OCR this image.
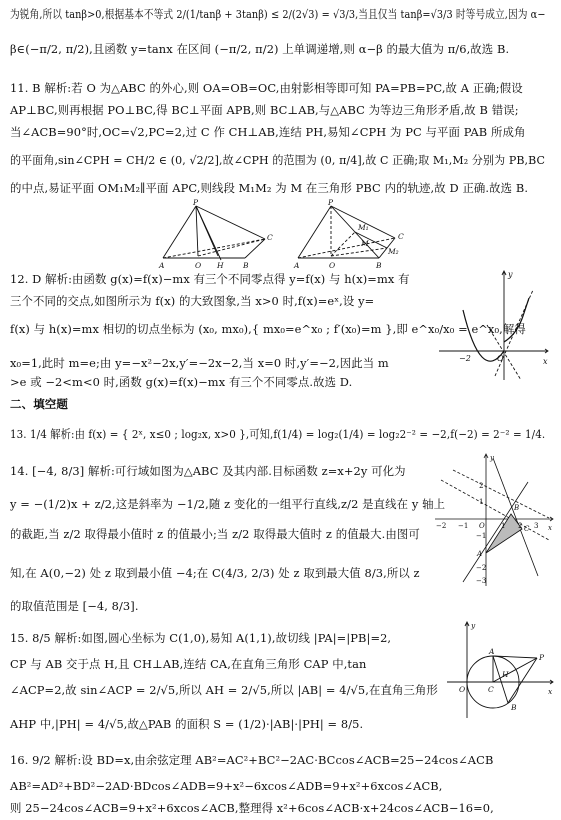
为锐角,所以 tanβ>0,根据基本不等式 2/(1/tanβ + 3tanβ) ≤ 2/(2√3) = √3/3,当且仅当 tanβ=√3/3 时等号成立,因为 α−
β∈(−π/2, π/2),且函数 y=tanx 在区间 (−π/2, π/2) 上单调递增,则 α−β 的最大值为 π/6,故选 B.
11. B 解析:若 O 为△ABC 的外心,则 OA=OB=OC,由射影相等即可知 PA=PB=PC,故 A 正确;假设
AP⊥BC,则再根据 PO⊥BC,得 BC⊥平面 APB,则 BC⊥AB,与△ABC 为等边三角形矛盾,故 B 错误;
当∠ACB=90°时,OC=√2,PC=2,过 C 作 CH⊥AB,连结 PH,易知∠CPH 为 PC 与平面 PAB 所成角
的平面角,sin∠CPH = CH/2 ∈ (0, √2/2],故∠CPH 的范围为 (0, π/4],故 C 正确;取 M₁,M₂ 分别为 PB,BC
的中点,易证平面 OM₁M₂∥平面 APC,则线段 M₁M₂ 为 M 在三角形 PBC 内的轨迹,故 D 正确.故选 B.
12. D 解析:由函数 g(x)=f(x)−mx 有三个不同零点得 y=f(x) 与 h(x)=mx 有
三个不同的交点,如图所示为 f(x) 的大致图象,当 x>0 时,f(x)=eˣ,设 y=
f(x) 与 h(x)=mx 相切的切点坐标为 (x₀, mx₀),{ mx₀=e^x₀ ; f′(x₀)=m },即 e^x₀/x₀ = e^x₀,解得
x₀=1,此时 m=e;由 y=−x²−2x,y′=−2x−2,当 x=0 时,y′=−2,因此当 m
>e 或 −2<m<0 时,函数 g(x)=f(x)−mx 有三个不同零点.故选 D.
二、填空题
13. 1/4 解析:由 f(x) = { 2ˣ, x≤0 ; log₂x, x>0 },可知,f(1/4) = log₂(1/4) = log₂2⁻² = −2,f(−2) = 2⁻² = 1/4.
14. [−4, 8/3] 解析:可行域如图为△ABC 及其内部.目标函数 z=x+2y 可化为
y = −(1/2)x + z/2,这是斜率为 −1/2,随 z 变化的一组平行直线,z/2 是直线在 y 轴上
的截距,当 z/2 取得最小值时 z 的值最小;当 z/2 取得最大值时 z 的值最大.由图可
知,在 A(0,−2) 处 z 取到最小值 −4;在 C(4/3, 2/3) 处 z 取到最大值 8/3,所以 z
的取值范围是 [−4, 8/3].
15. 8/5 解析:如图,圆心坐标为 C(1,0),易知 A(1,1),故切线 |PA|=|PB|=2,
CP 与 AB 交于点 H,且 CH⊥AB,连结 CA,在直角三角形 CAP 中,tan
∠ACP=2,故 sin∠ACP = 2/√5,所以 AH = 2/√5,所以 |AB| = 4/√5,在直角三角形
AHP 中,|PH| = 4/√5,故△PAB 的面积 S = (1/2)·|AB|·|PH| = 8/5.
16. 9/2 解析:设 BD=x,由余弦定理 AB²=AC²+BC²−2AC·BCcos∠ACB=25−24cos∠ACB
AB²=AD²+BD²−2AD·BDcos∠ADB=9+x²−6xcos∠ADB=9+x²+6xcos∠ACB,
则 25−24cos∠ACB=9+x²+6xcos∠ACB,整理得 x²+6cos∠ACB·x+24cos∠ACB−16=0,
P
A	O H	B
C
P
M₁
M
A	O	B
C
M₂
y
x
O
−2
y
x
O
A
B
C
−2 −1	1 2 3
2
1
−1
−2
−3
y
x
O
A
B
C
H
P
